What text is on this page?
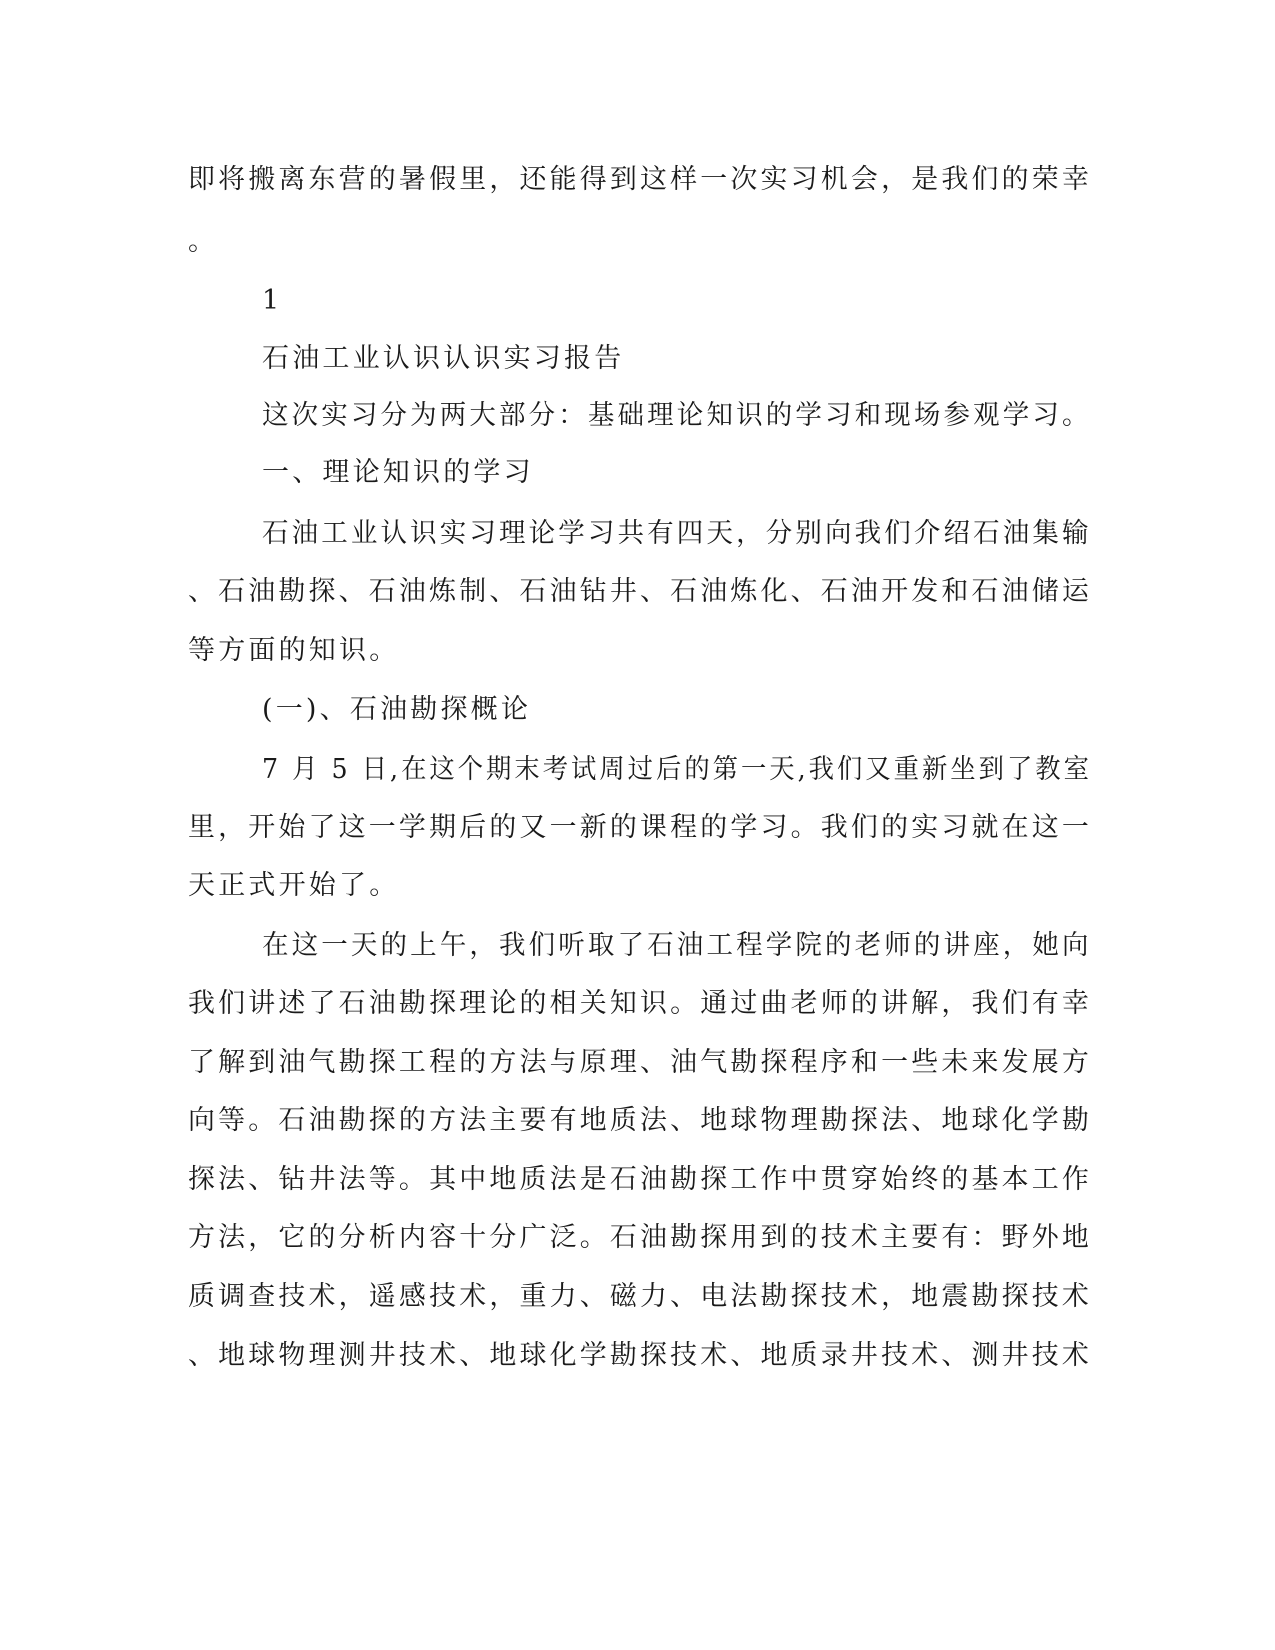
即将搬离东营的暑假里，还能得到这样一次实习机会，是我们的荣幸
。
1
石油工业认识认识实习报告
这次实习分为两大部分：基础理论知识的学习和现场参观学习。
一、理论知识的学习
石油工业认识实习理论学习共有四天，分别向我们介绍石油集输
、石油勘探、石油炼制、石油钻井、石油炼化、石油开发和石油储运
等方面的知识。
(一)、石油勘探概论
7 月 5 日,在这个期末考试周过后的第一天,我们又重新坐到了教室
里，开始了这一学期后的又一新的课程的学习。我们的实习就在这一
天正式开始了。
在这一天的上午，我们听取了石油工程学院的老师的讲座，她向
我们讲述了石油勘探理论的相关知识。通过曲老师的讲解，我们有幸
了解到油气勘探工程的方法与原理、油气勘探程序和一些未来发展方
向等。石油勘探的方法主要有地质法、地球物理勘探法、地球化学勘
探法、钻井法等。其中地质法是石油勘探工作中贯穿始终的基本工作
方法，它的分析内容十分广泛。石油勘探用到的技术主要有：野外地
质调查技术，遥感技术，重力、磁力、电法勘探技术，地震勘探技术
、地球物理测井技术、地球化学勘探技术、地质录井技术、测井技术
